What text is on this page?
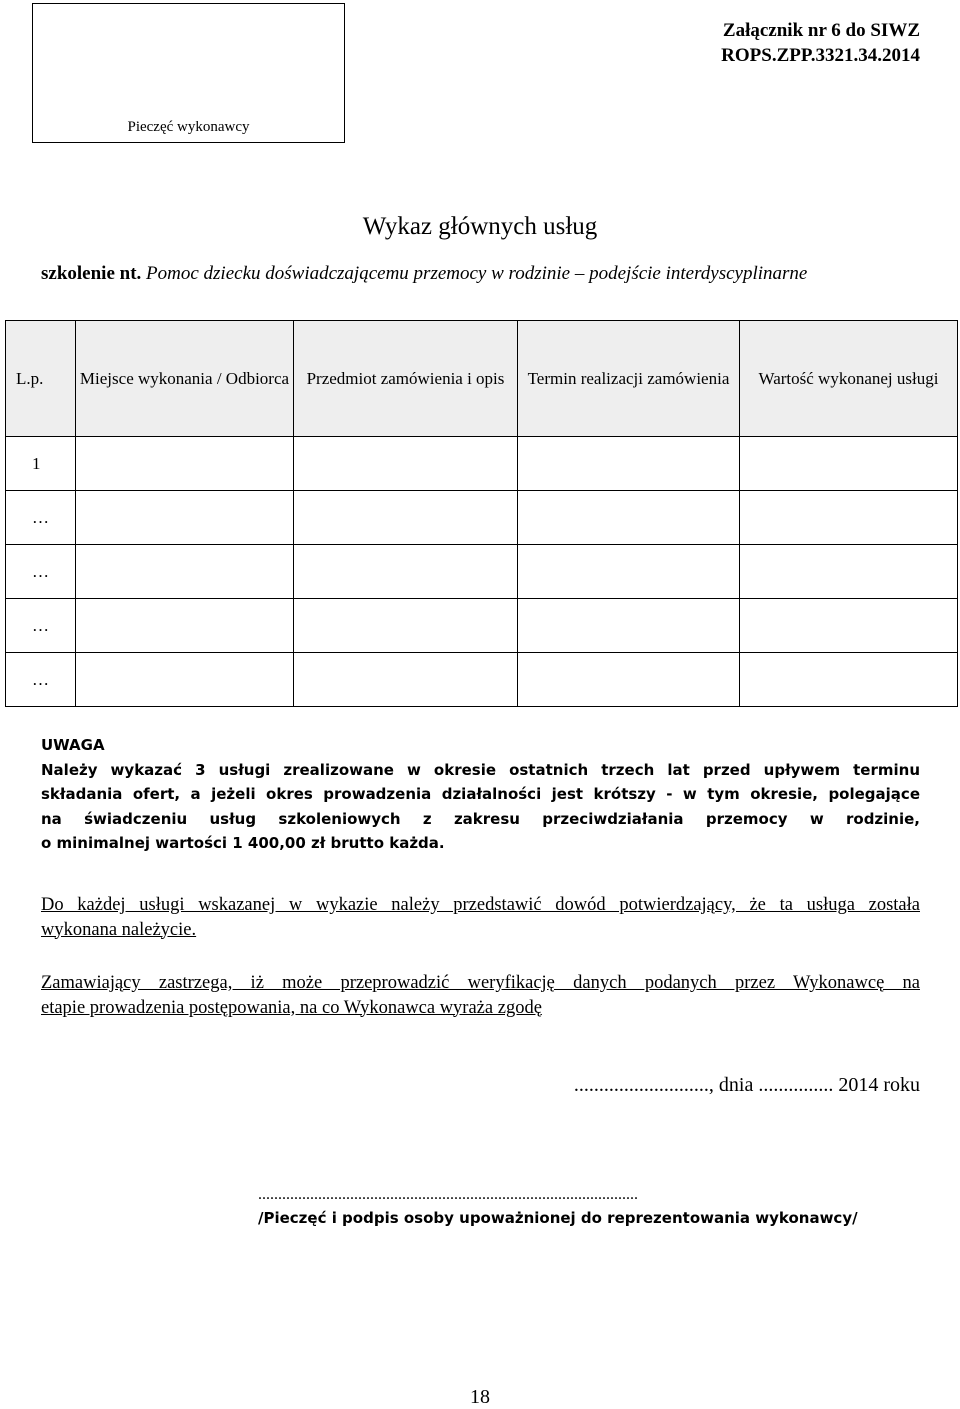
Pieczęć wykonawcy
Załącznik nr 6 do SIWZ
ROPS.ZPP.3321.34.2014
Wykaz głównych usług
szkolenie nt. Pomoc dziecku doświadczającemu przemocy w rodzinie – podejście interdyscyplinarne
L.p.	Miejsce wykonania / Odbiorca	Przedmiot zamówienia i opis	Termin realizacji zamówienia	Wartość wykonanej usługi
1				
…				
…				
…				
…				
UWAGA
Należy wykazać 3 usługi zrealizowane w okresie ostatnich trzech lat przed upływem terminu
składania ofert, a jeżeli okres prowadzenia działalności jest krótszy - w tym okresie, polegające
na świadczeniu usług szkoleniowych z zakresu przeciwdziałania przemocy w rodzinie,
o minimalnej wartości 1 400,00 zł brutto każda.
Do każdej usługi wskazanej w wykazie należy przedstawić dowód potwierdzający, że ta usługa została
wykonana należycie.
Zamawiający zastrzega, iż może przeprowadzić weryfikację danych podanych przez Wykonawcę na
etapie prowadzenia postępowania, na co Wykonawca wyraża zgodę
..........................., dnia ............... 2014 roku
...............................................................................................
/Pieczęć i podpis osoby upoważnionej do reprezentowania wykonawcy/
18
